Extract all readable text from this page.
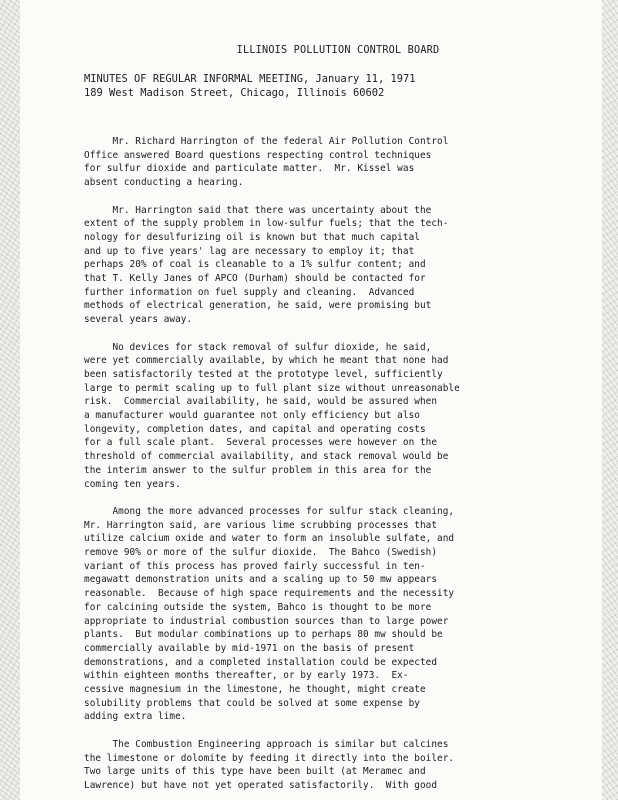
ILLINOIS POLLUTION CONTROL BOARD
MINUTES OF REGULAR INFORMAL MEETING, January 11, 1971
189 West Madison Street, Chicago, Illinois 60602
Mr. Richard Harrington of the federal Air Pollution Control
Office answered Board questions respecting control techniques
for sulfur dioxide and particulate matter.  Mr. Kissel was
absent conducting a hearing.
Mr. Harrington said that there was uncertainty about the
extent of the supply problem in low-sulfur fuels; that the tech-
nology for desulfurizing oil is known but that much capital
and up to five years' lag are necessary to employ it; that
perhaps 20% of coal is cleanable to a 1% sulfur content; and
that T. Kelly Janes of APCO (Durham) should be contacted for
further information on fuel supply and cleaning.  Advanced
methods of electrical generation, he said, were promising but
several years away.
No devices for stack removal of sulfur dioxide, he said,
were yet commercially available, by which he meant that none had
been satisfactorily tested at the prototype level, sufficiently
large to permit scaling up to full plant size without unreasonable
risk.  Commercial availability, he said, would be assured when
a manufacturer would guarantee not only efficiency but also
longevity, completion dates, and capital and operating costs
for a full scale plant.  Several processes were however on the
threshold of commercial availability, and stack removal would be
the interim answer to the sulfur problem in this area for the
coming ten years.
Among the more advanced processes for sulfur stack cleaning,
Mr. Harrington said, are various lime scrubbing processes that
utilize calcium oxide and water to form an insoluble sulfate, and
remove 90% or more of the sulfur dioxide.  The Bahco (Swedish)
variant of this process has proved fairly successful in ten-
megawatt demonstration units and a scaling up to 50 mw appears
reasonable.  Because of high space requirements and the necessity
for calcining outside the system, Bahco is thought to be more
appropriate to industrial combustion sources than to large power
plants.  But modular combinations up to perhaps 80 mw should be
commercially available by mid-1971 on the basis of present
demonstrations, and a completed installation could be expected
within eighteen months thereafter, or by early 1973.  Ex-
cessive magnesium in the limestone, he thought, might create
solubility problems that could be solved at some expense by
adding extra lime.
The Combustion Engineering approach is similar but calcines
the limestone or dolomite by feeding it directly into the boiler.
Two large units of this type have been built (at Meramec and
Lawrence) but have not yet operated satisfactorily.  With good
